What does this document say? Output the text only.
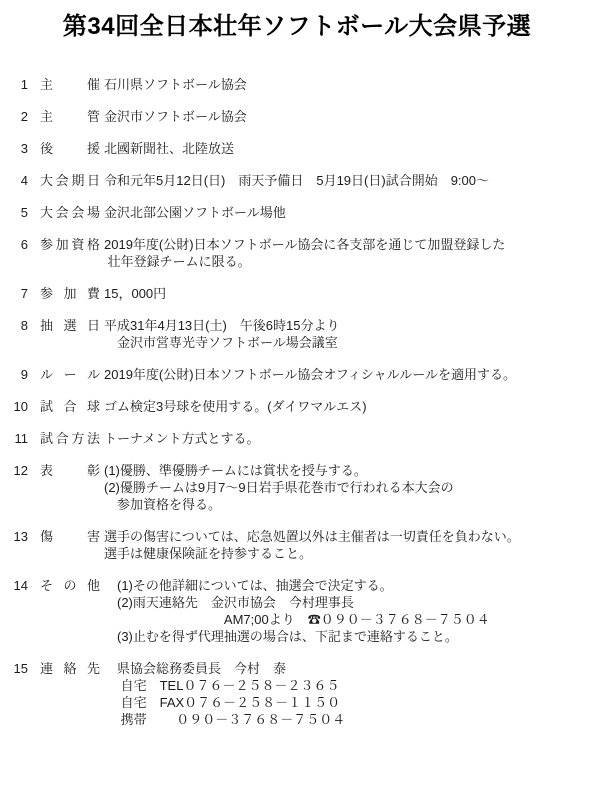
第34回全日本壮年ソフトボール大会県予選
1 主催 石川県ソフトボール協会
2 主管 金沢市ソフトボール協会
3 後援 北國新聞社、北陸放送
4 大会期日 令和元年5月12日(日)　雨天予備日　5月19日(日)試合開始　9:00～
5 大会会場 金沢北部公園ソフトボール場他
6 参加資格 2019年度(公財)日本ソフトボール協会に各支部を通じて加盟登録した
壮年登録チームに限る。
7 参加費 15，000円
8 抽選日 平成31年4月13日(土)　午後6時15分より
　金沢市営専光寺ソフトボール場会議室
9 ルール 2019年度(公財)日本ソフトボール協会オフィシャルルールを適用する。
10 試合球 ゴム検定3号球を使用する。(ダイワマルエス)
11 試合方法 トーナメント方式とする。
12 表彰 (1)優勝、準優勝チームには賞状を授与する。
(2)優勝チームは9月7～9日岩手県花巻市で行われる本大会の
　参加資格を得る。
13 傷害 選手の傷害については、応急処置以外は主催者は一切責任を負わない。
選手は健康保険証を持参すること。
14 その他 　(1)その他詳細については、抽選会で決定する。
　(2)雨天連絡先　金沢市協会　今村理事長
　　　　　　　　　 AM7;00より　☎０９０－３７６８－７５０４
　(3)止むを得ず代理抽選の場合は、下記まで連絡すること。
15 連絡先 　県協会総務委員長　今村　泰
　 自宅　TEL０７６－２５８－２３６５
　 自宅　FAX０７６－２５８－１１５０
　 携帯　　 ０９０－３７６８－７５０４
